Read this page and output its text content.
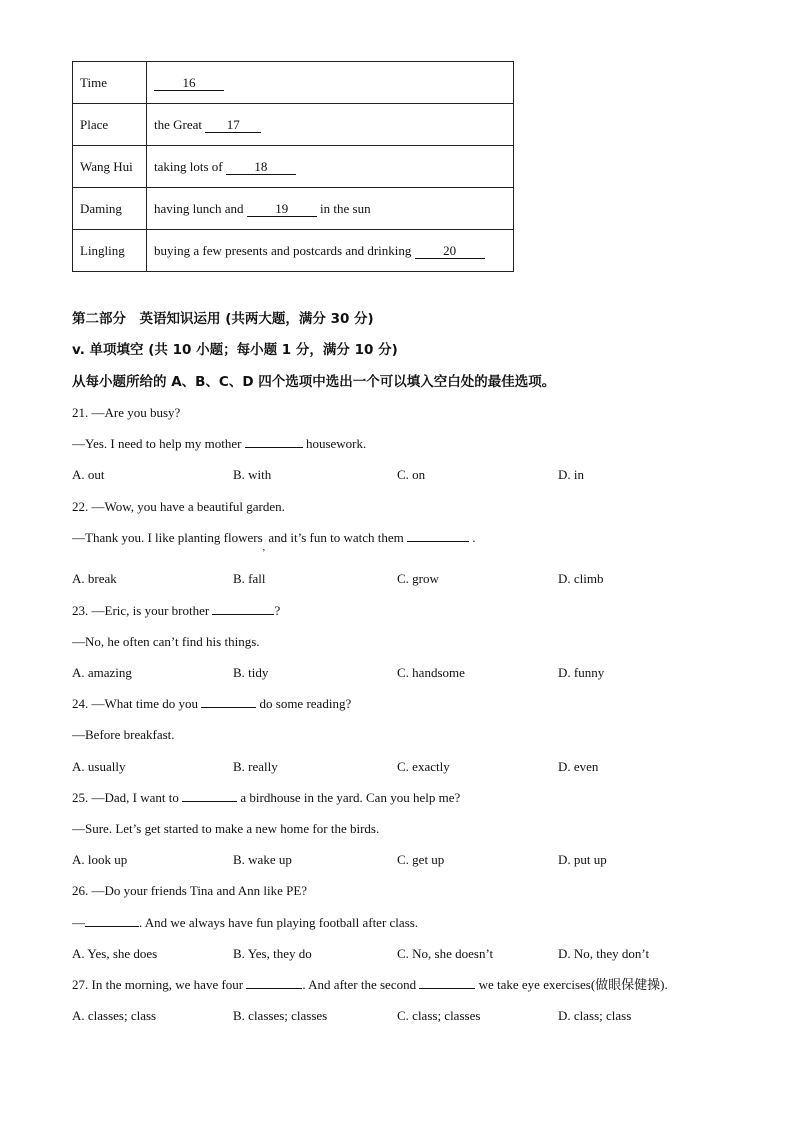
Time	16
Place	the Great 17
Wang Hui	taking lots of 18
Daming	having lunch and 19 in the sun
Lingling	buying a few presents and postcards and drinking 20
第二部分　英语知识运用 (共两大题，满分 30 分)
v. 单项填空 (共 10 小题；每小题 1 分，满分 10 分)
从每小题所给的 A、B、C、D 四个选项中选出一个可以填入空白处的最佳选项。
21. —Are you busy?
—Yes. I need to help my mother	housework.
A. out	B. with	C. on	D. in
22. —Wow, you have a beautiful garden.
—Thank you. I like planting flowers$_,$ and it’s fun to watch them	.
A. break	B. fall	C. grow	D. climb
23. —Eric, is your brother	?
—No, he often can’t find his things.
A. amazing	B. tidy	C. handsome	D. funny
24. —What time do you	do some reading?
—Before breakfast.
A. usually	B. really	C. exactly	D. even
25. —Dad, I want to	a birdhouse in the yard. Can you help me?
—Sure. Let’s get started to make a new home for the birds.
A. look up	B. wake up	C. get up	D. put up
26. —Do your friends Tina and Ann like PE?
—	. And we always have fun playing football after class.
A. Yes, she does	B. Yes, they do	C. No, she doesn’t	D. No, they don’t
27. In the morning, we have four	. And after the second	we take eye exercises(做眼保健操).
A. classes; class	B. classes; classes	C. class; classes	D. class; class
